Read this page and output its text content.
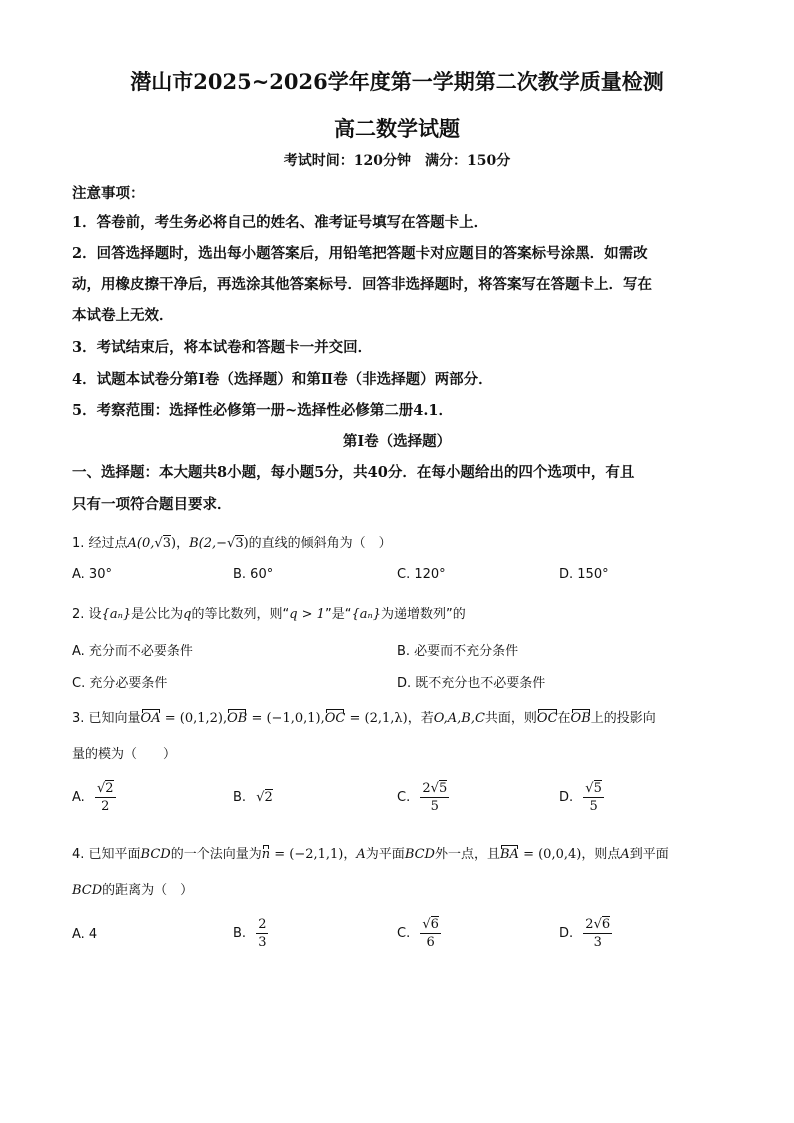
潜山市2025~2026学年度第一学期第二次教学质量检测
高二数学试题
考试时间：120分钟　满分：150分
注意事项：
1．答卷前，考生务必将自己的姓名、准考证号填写在答题卡上．
2．回答选择题时，选出每小题答案后，用铅笔把答题卡对应题目的答案标号涂黑．如需改
动，用橡皮擦干净后，再选涂其他答案标号．回答非选择题时，将答案写在答题卡上．写在
本试卷上无效．
3．考试结束后，将本试卷和答题卡一并交回．
4．试题本试卷分第Ⅰ卷（选择题）和第Ⅱ卷（非选择题）两部分．
5．考察范围：选择性必修第一册~选择性必修第二册4.1．
第Ⅰ卷（选择题）
一、选择题：本大题共8小题，每小题5分，共40分．在每小题给出的四个选项中，有且
只有一项符合题目要求．
1. 经过点A(0,√3)，B(2,−√3)的直线的倾斜角为（　）
A. 30°	B. 60°	C. 120°	D. 150°
2. 设{aₙ}是公比为q的等比数列，则“q > 1”是“{aₙ}为递增数列”的
A. 充分而不必要条件	B. 必要而不充分条件
C. 充分必要条件	D. 既不充分也不必要条件
3. 已知向量OA = (0,1,2),OB = (−1,0,1),OC = (2,1,λ)，若O,A,B,C共面，则OC在OB上的投影向
量的模为（　　）
A. $\frac{√2}{2}$	B. √2	C. $\frac{2√5}{5}$	D. $\frac{√5}{5}$
4. 已知平面BCD的一个法向量为n = (−2,1,1)，A为平面BCD外一点，且BA = (0,0,4)，则点A到平面
BCD的距离为（　）
A. 4	B. $\frac{2}{3}$	C. $\frac{√6}{6}$	D. $\frac{2√6}{3}$
